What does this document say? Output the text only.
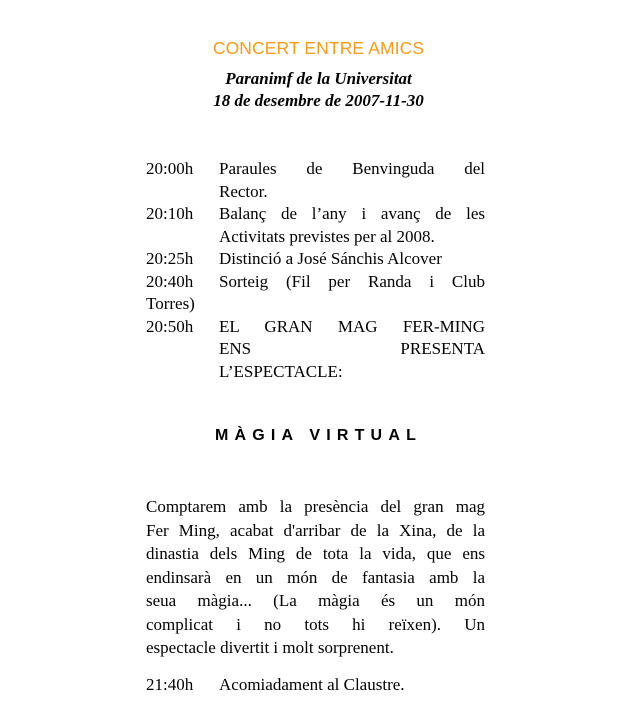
CONCERT ENTRE AMICS
Paranimf de la Universitat
18 de desembre de 2007-11-30
20:00h	Paraules de Benvinguda del
Rector.
20:10h	Balanç de l’any i avanç de les
Activitats previstes per al 2008.
20:25h	Distinció a José Sánchis Alcover
20:40h Sorteig (Fil per Randa i Club
Torres)
20:50h	EL GRAN MAG FER-MING
ENS PRESENTA
L’ESPECTACLE:
MÀGIA VIRTUAL
Comptarem amb la presència del gran mag
Fer Ming, acabat d'arribar de la Xina, de la
dinastia dels Ming de tota la vida, que ens
endinsarà en un món de fantasia amb la
seua màgia... (La màgia és un món
complicat i no tots hi reïxen). Un
espectacle divertit i molt sorprenent.
21:40h	Acomiadament al Claustre.
